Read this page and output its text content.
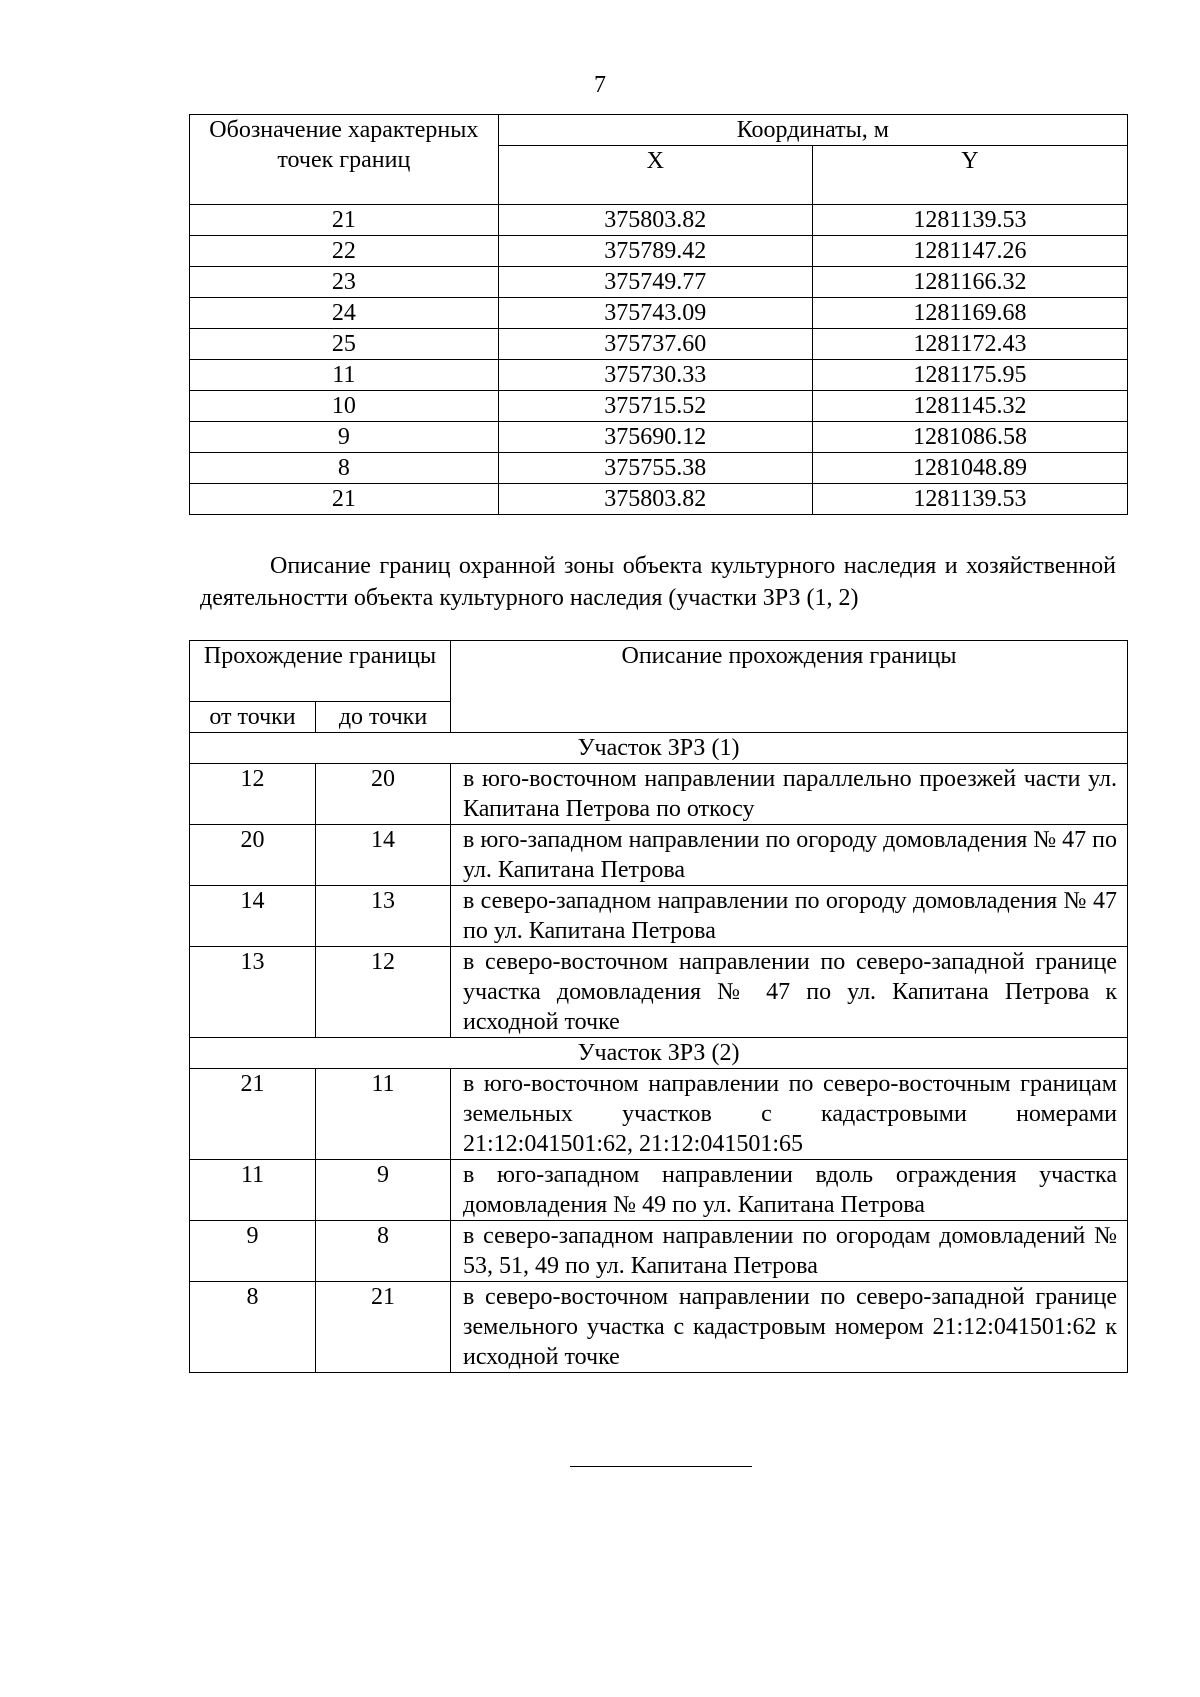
7
Обозначение характерных точек границ	Координаты, м	
	X	Y
21	375803.82	1281139.53
22	375789.42	1281147.26
23	375749.77	1281166.32
24	375743.09	1281169.68
25	375737.60	1281172.43
11	375730.33	1281175.95
10	375715.52	1281145.32
9	375690.12	1281086.58
8	375755.38	1281048.89
21	375803.82	1281139.53
Описание границ охранной зоны объекта культурного наследия и хозяйственной деятельностти объекта культурного наследия (участки ЗРЗ (1, 2)
Прохождение границы		Описание прохождения границы
от точки	до точки	
Участок ЗРЗ (1)		
12	20	в юго-восточном направлении параллельно проезжей части ул. Капитана Петрова по откосу
20	14	в юго-западном направлении по огороду домовладения № 47 по ул. Капитана Петрова
14	13	в северо-западном направлении по огороду домовладения № 47 по ул. Капитана Петрова
13	12	в северо-восточном направлении по северо-западной границе участка домовладения № 47 по ул. Капитана Петрова к исходной точке
Участок ЗРЗ (2)		
21	11	в юго-восточном направлении по северо-восточным границам земельных участков с кадастровыми номерами 21:12:041501:62, 21:12:041501:65
11	9	в юго-западном направлении вдоль ограждения участка домовладения № 49 по ул. Капитана Петрова
9	8	в северо-западном направлении по огородам домовладений № 53, 51, 49 по ул. Капитана Петрова
8	21	в северо-восточном направлении по северо-западной границе земельного участка с кадастровым номером 21:12:041501:62 к исходной точке
